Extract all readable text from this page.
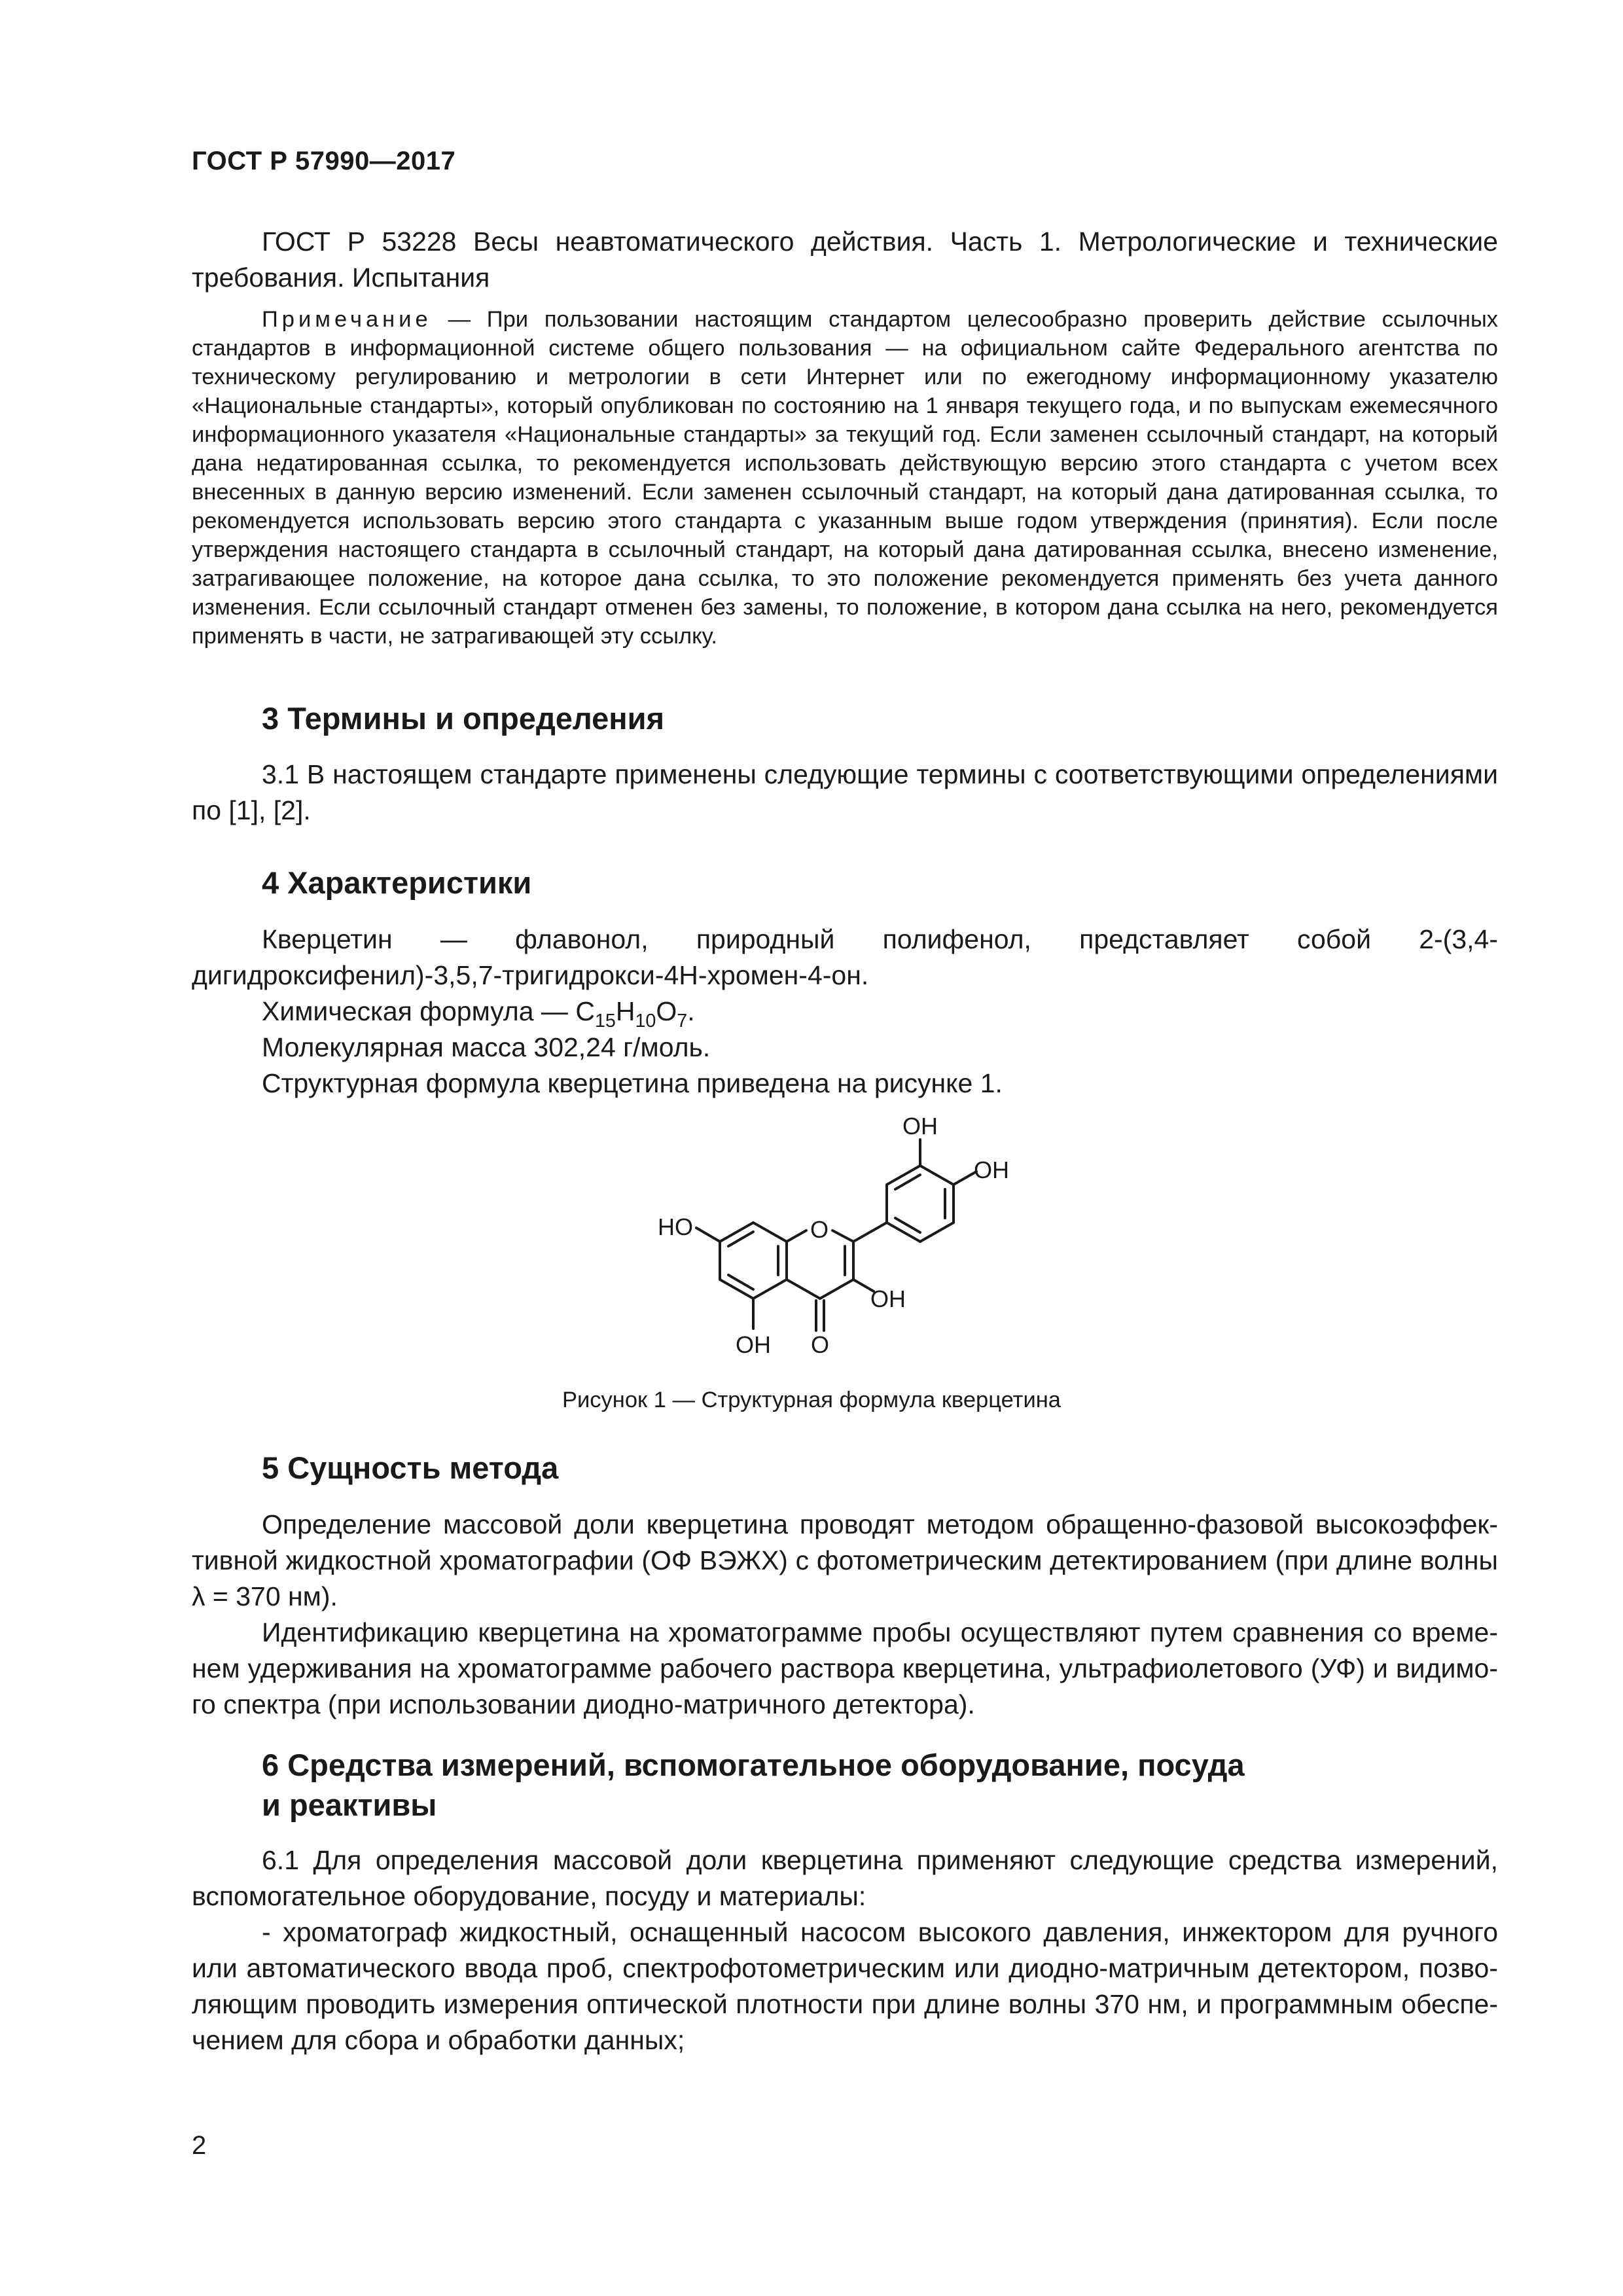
ГОСТ Р 57990—2017
ГОСТ Р 53228 Весы неавтоматического действия. Часть 1. Метрологические и технические требования. Испытания
Примечание — При пользовании настоящим стандартом целесообразно проверить действие ссылочных стандартов в информационной системе общего пользования — на официальном сайте Федерального агентства по техническому регулированию и метрологии в сети Интернет или по ежегодному информационному указателю «Национальные стандарты», который опубликован по состоянию на 1 января текущего года, и по выпускам ежемесячного информационного указателя «Национальные стандарты» за текущий год. Если заменен ссылочный стандарт, на который дана недатированная ссылка, то рекомендуется использовать действующую версию этого стандарта с учетом всех внесенных в данную версию изменений. Если заменен ссылочный стандарт, на который дана датированная ссылка, то рекомендуется использовать версию этого стандарта с указанным выше годом утверждения (принятия). Если после утверждения настоящего стандарта в ссылочный стандарт, на который дана датированная ссылка, внесено изменение, затрагивающее положение, на которое дана ссылка, то это положение рекомендуется применять без учета данного изменения. Если ссылочный стандарт отменен без замены, то положение, в котором дана ссылка на него, рекомендуется применять в части, не затрагивающей эту ссылку.
3 Термины и определения
3.1 В настоящем стандарте применены следующие термины с соответствующими определениями по [1], [2].
4 Характеристики
Кверцетин — флавонол, природный полифенол, представляет собой 2-(3,4-дигидроксифенил)-3,5,7-тригидрокси-4Н-хромен-4-он.
Химическая формула — $C_{15}H_{10}O_7$.
Молекулярная масса 302,24 г/моль.
Структурная формула кверцетина приведена на рисунке 1.
OH
OH
HO	O
OH
OH O
Рисунок 1 — Структурная формула кверцетина
5 Сущность метода
Определение массовой доли кверцетина проводят методом обращенно-фазовой высокоэффек-
тивной жидкостной хроматографии (ОФ ВЭЖХ) с фотометрическим детектированием (при длине волны
λ = 370 нм).
Идентификацию кверцетина на хроматограмме пробы осуществляют путем сравнения со време-
нем удерживания на хроматограмме рабочего раствора кверцетина, ультрафиолетового (УФ) и видимо-
го спектра (при использовании диодно-матричного детектора).
6 Средства измерений, вспомогательное оборудование, посуда
и реактивы
6.1 Для определения массовой доли кверцетина применяют следующие средства измерений,
вспомогательное оборудование, посуду и материалы:
- хроматограф жидкостный, оснащенный насосом высокого давления, инжектором для ручного
или автоматического ввода проб, спектрофотометрическим или диодно-матричным детектором, позво-
ляющим проводить измерения оптической плотности при длине волны 370 нм, и программным обеспе-
чением для сбора и обработки данных;
2
